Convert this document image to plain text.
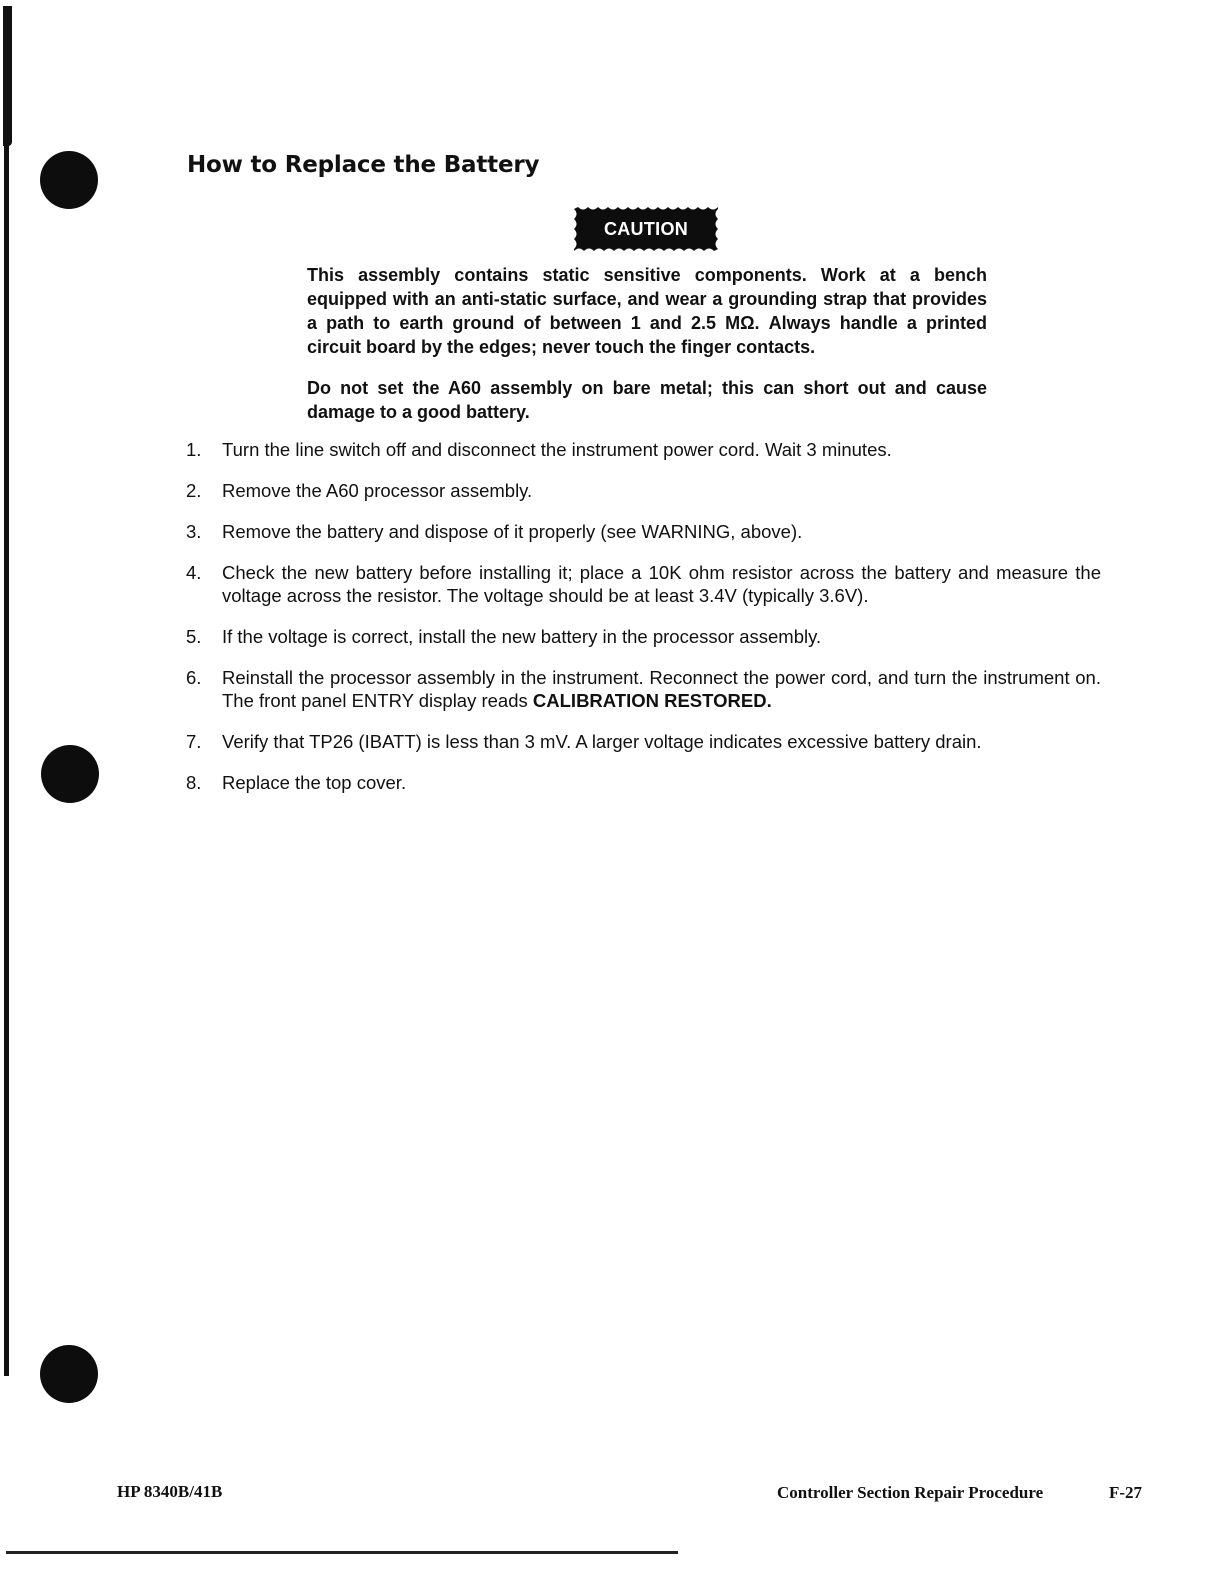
How to Replace the Battery
CAUTION

This assembly contains static sensitive components. Work at a bench equipped with an anti-static surface, and wear a grounding strap that provides a path to earth ground of between 1 and 2.5 MΩ. Always handle a printed circuit board by the edges; never touch the finger contacts.

Do not set the A60 assembly on bare metal; this can short out and cause damage to a good battery.

1. Turn the line switch off and disconnect the instrument power cord. Wait 3 minutes.
2. Remove the A60 processor assembly.
3. Remove the battery and dispose of it properly (see WARNING, above).
4. Check the new battery before installing it; place a 10K ohm resistor across the battery and measure the voltage across the resistor. The voltage should be at least 3.4V (typically 3.6V).
5. If the voltage is correct, install the new battery in the processor assembly.
6. Reinstall the processor assembly in the instrument. Reconnect the power cord, and turn the instrument on. The front panel ENTRY display reads CALIBRATION RESTORED.
7. Verify that TP26 (IBATT) is less than 3 mV. A larger voltage indicates excessive battery drain.
8. Replace the top cover.
HP 8340B/41B	Controller Section Repair Procedure	F-27
